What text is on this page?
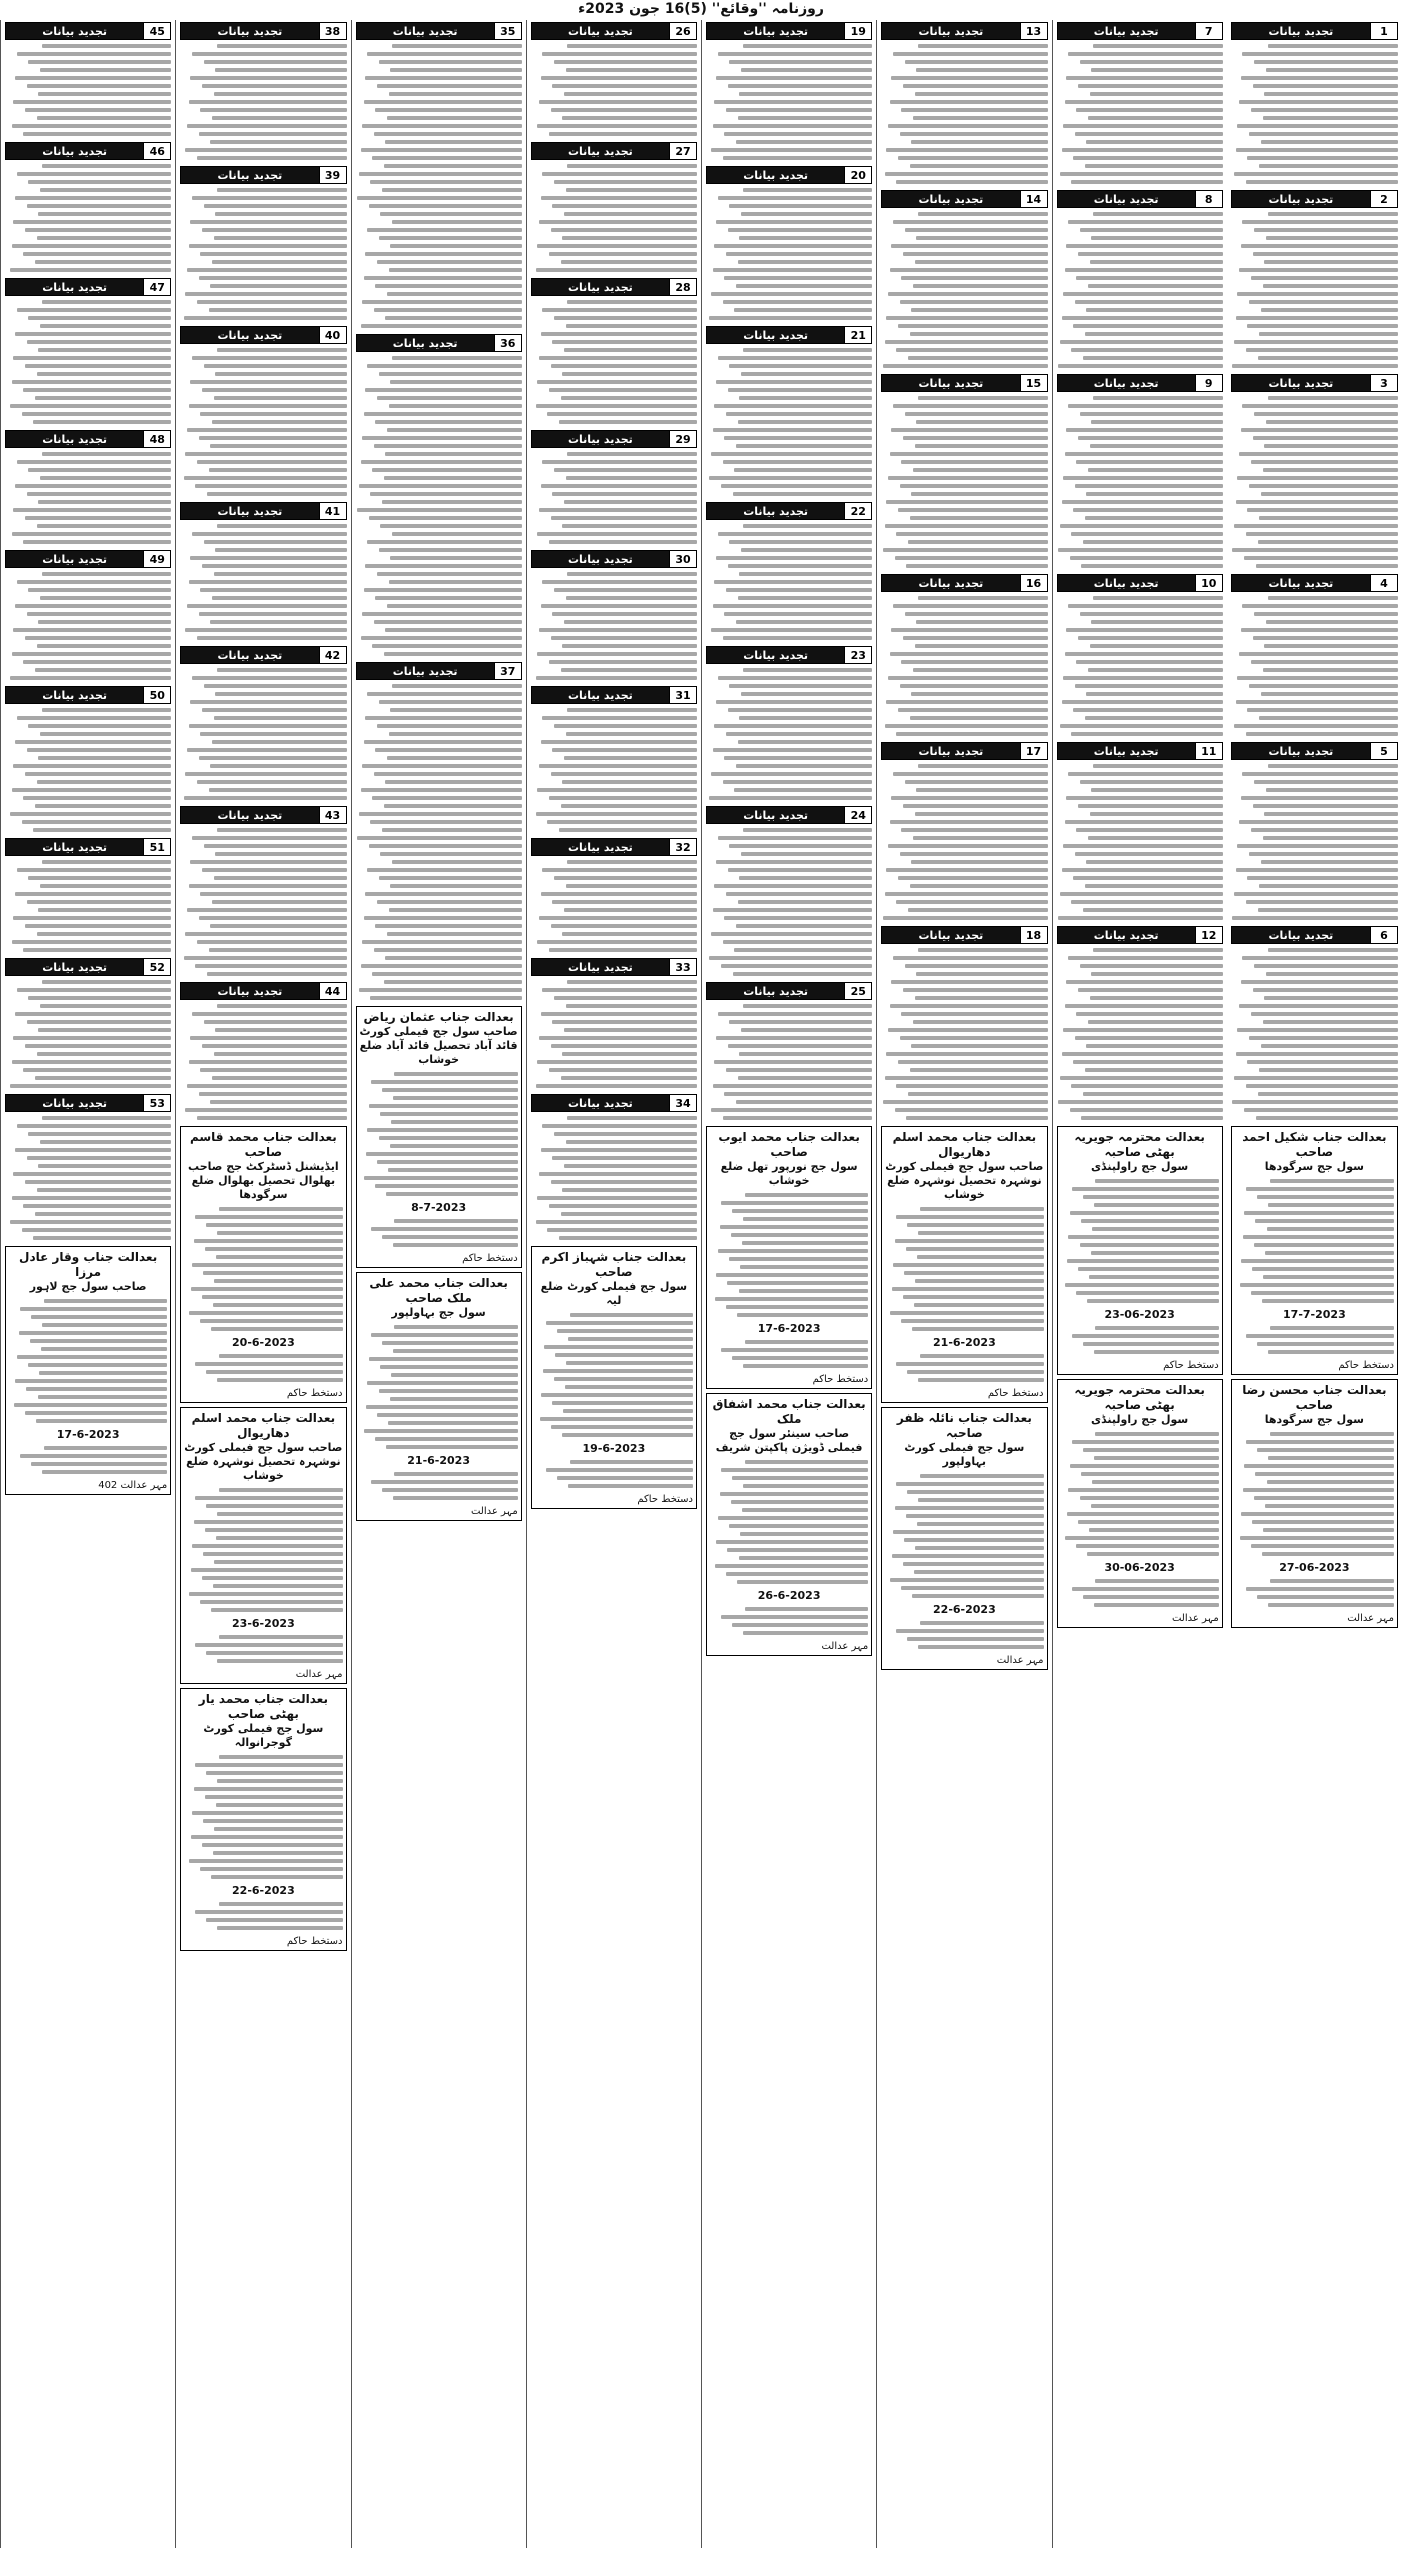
روزنامہ ''وقائع'' (5)16 جون 2023ء
1
تجدید بیانات
2
تجدید بیانات
3
تجدید بیانات
4
تجدید بیانات
5
تجدید بیانات
6
تجدید بیانات
بعدالت جناب شکیل احمد صاحب
سول جج سرگودھا
17-7-2023
دستخط حاکم
بعدالت جناب محسن رضا صاحب
سول جج سرگودھا
27-06-2023
مہر عدالت
7
تجدید بیانات
8
تجدید بیانات
9
تجدید بیانات
10
تجدید بیانات
11
تجدید بیانات
12
تجدید بیانات
بعدالت محترمہ جویریہ بھٹی صاحبہ
سول جج راولپنڈی
23-06-2023
دستخط حاکم
بعدالت محترمہ جویریہ بھٹی صاحبہ
سول جج راولپنڈی
30-06-2023
مہر عدالت
13
تجدید بیانات
14
تجدید بیانات
15
تجدید بیانات
16
تجدید بیانات
17
تجدید بیانات
18
تجدید بیانات
بعدالت جناب محمد اسلم دھاریوال
صاحب سول جج فیملی کورٹ نوشہرہ تحصیل نوشہرہ ضلع خوشاب
21-6-2023
دستخط حاکم
بعدالت جناب نائلہ ظفر صاحبہ
سول جج فیملی کورٹ بہاولپور
22-6-2023
مہر عدالت
19
تجدید بیانات
20
تجدید بیانات
21
تجدید بیانات
22
تجدید بیانات
23
تجدید بیانات
24
تجدید بیانات
25
تجدید بیانات
بعدالت جناب محمد ایوب صاحب
سول جج نورپور تھل ضلع خوشاب
17-6-2023
دستخط حاکم
بعدالت جناب محمد اشفاق ملک
صاحب سینئر سول جج فیملی ڈویژن پاکپتن شریف
26-6-2023
مہر عدالت
26
تجدید بیانات
27
تجدید بیانات
28
تجدید بیانات
29
تجدید بیانات
30
تجدید بیانات
31
تجدید بیانات
32
تجدید بیانات
33
تجدید بیانات
34
تجدید بیانات
بعدالت جناب شہباز اکرم صاحب
سول جج فیملی کورٹ ضلع لیہ
19-6-2023
دستخط حاکم
35
تجدید بیانات
36
تجدید بیانات
37
تجدید بیانات
بعدالت جناب عثمان ریاض
صاحب سول جج فیملی کورٹ قائد آباد تحصیل قائد آباد ضلع خوشاب
8-7-2023
دستخط حاکم
بعدالت جناب محمد علی ملک صاحب
سول جج بہاولپور
21-6-2023
مہر عدالت
38
تجدید بیانات
39
تجدید بیانات
40
تجدید بیانات
41
تجدید بیانات
42
تجدید بیانات
43
تجدید بیانات
44
تجدید بیانات
بعدالت جناب محمد قاسم صاحب
ایڈیشنل ڈسٹرکٹ جج صاحب بھلوال تحصیل بھلوال ضلع سرگودھا
20-6-2023
دستخط حاکم
بعدالت جناب محمد اسلم دھاریوال
صاحب سول جج فیملی کورٹ نوشہرہ تحصیل نوشہرہ ضلع خوشاب
23-6-2023
مہر عدالت
بعدالت جناب محمد یار بھٹی صاحب
سول جج فیملی کورٹ گوجرانوالہ
22-6-2023
دستخط حاکم
45
تجدید بیانات
46
تجدید بیانات
47
تجدید بیانات
48
تجدید بیانات
49
تجدید بیانات
50
تجدید بیانات
51
تجدید بیانات
52
تجدید بیانات
53
تجدید بیانات
بعدالت جناب وقار عادل مرزا
صاحب سول جج لاہور
17-6-2023
مہر عدالت 402
